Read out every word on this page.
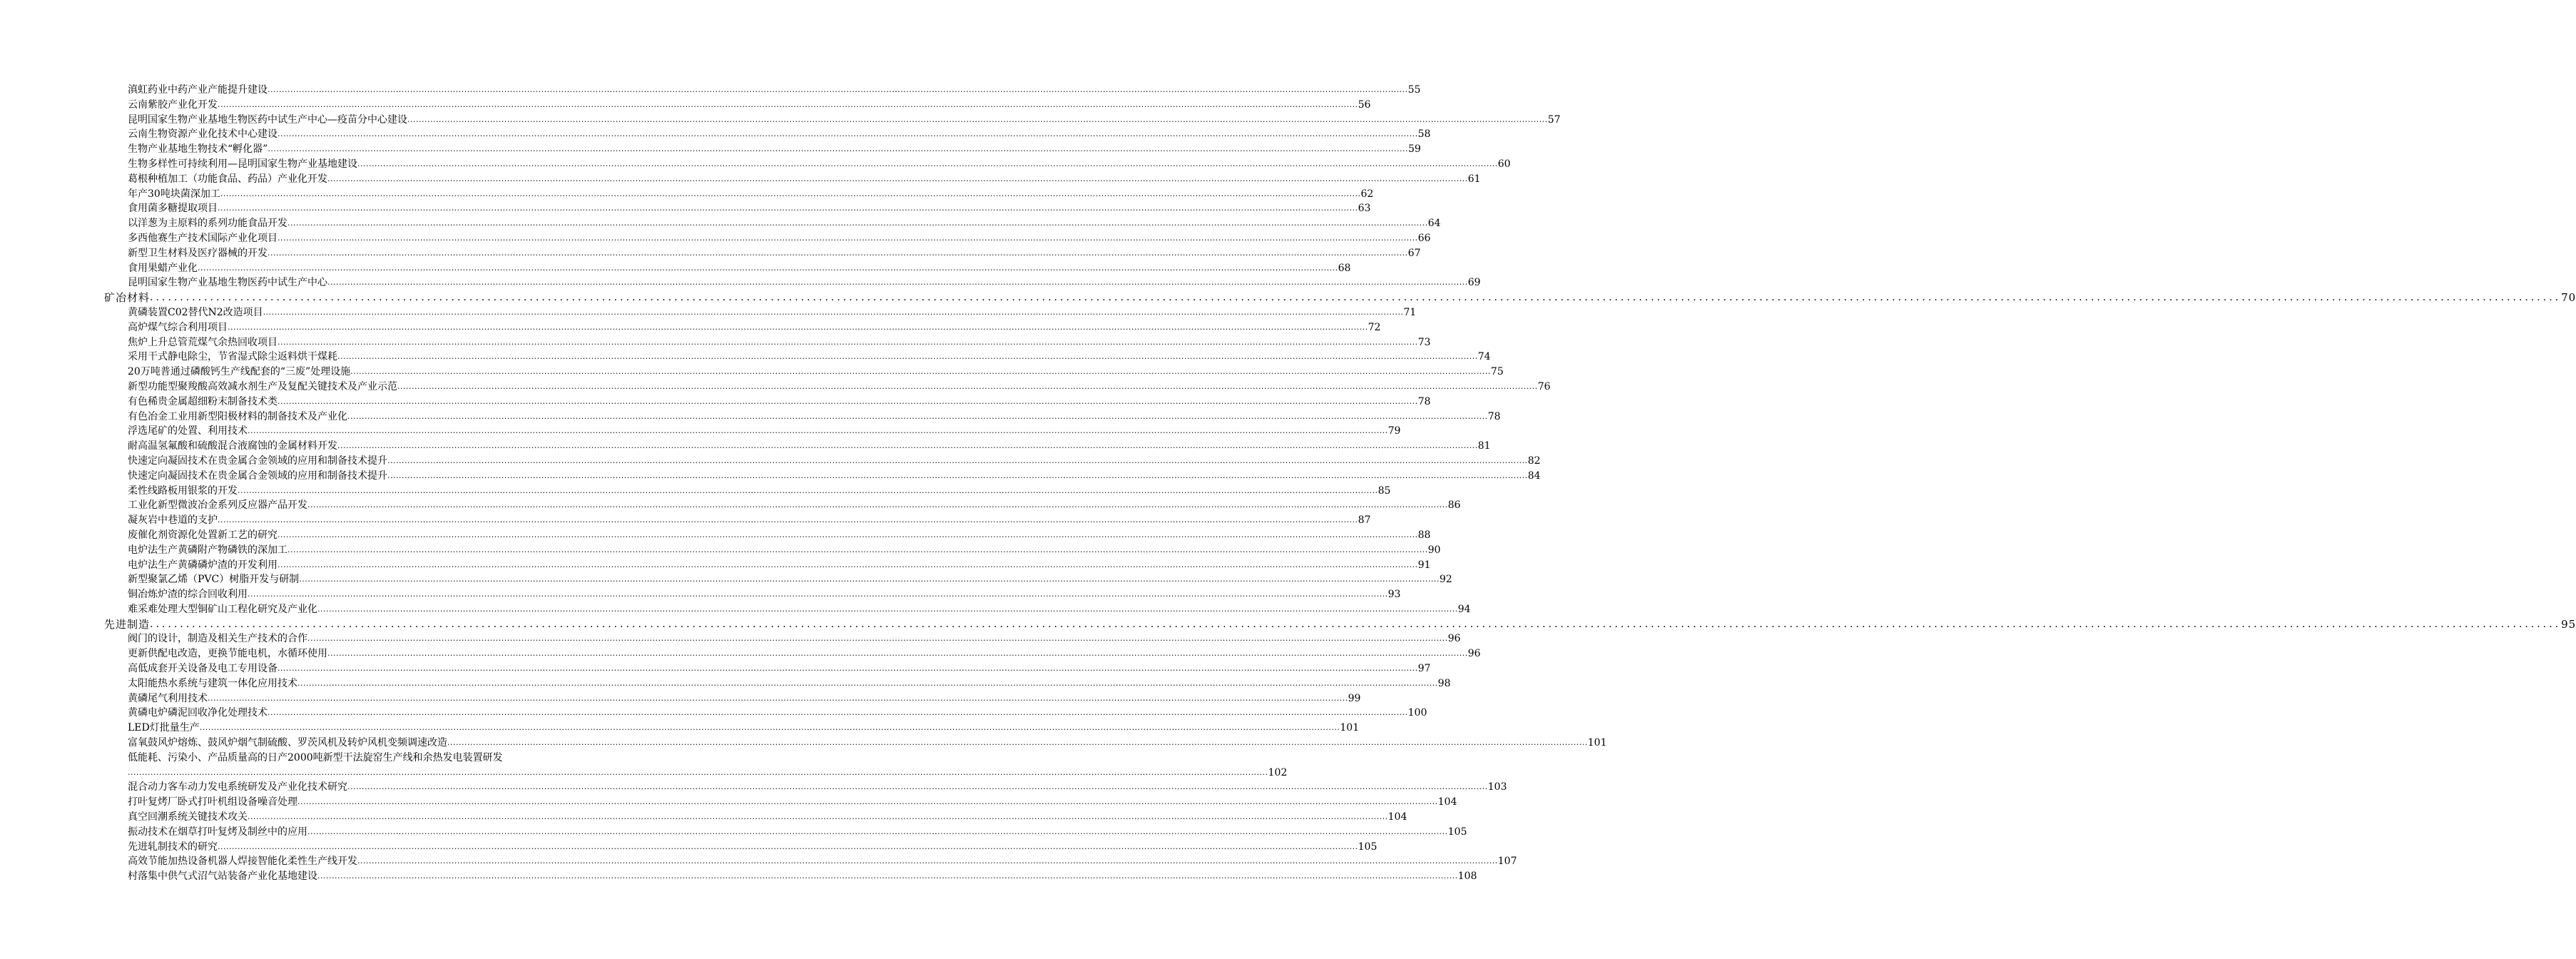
滇虹药业中药产业产能提升建设 ................................................................................................................................................................................................................................................................................................................................................................................................................ 55
云南紫胶产业化开发 ................................................................................................................................................................................................................................................................................................................................................................................................................ 56
昆明国家生物产业基地生物医药中试生产中心—疫苗分中心建设 ................................................................................................................................................................................................................................................................................................................................................................................................................ 57
云南生物资源产业化技术中心建设 ................................................................................................................................................................................................................................................................................................................................................................................................................ 58
生物产业基地生物技术“孵化器” ................................................................................................................................................................................................................................................................................................................................................................................................................ 59
生物多样性可持续利用—昆明国家生物产业基地建设 ................................................................................................................................................................................................................................................................................................................................................................................................................ 60
葛根种植加工（功能食品、药品）产业化开发 ................................................................................................................................................................................................................................................................................................................................................................................................................ 61
年产30吨块菌深加工 ................................................................................................................................................................................................................................................................................................................................................................................................................ 62
食用菌多糖提取项目 ................................................................................................................................................................................................................................................................................................................................................................................................................ 63
以洋葱为主原料的系列功能食品开发 ................................................................................................................................................................................................................................................................................................................................................................................................................ 64
多西他赛生产技术国际产业化项目 ................................................................................................................................................................................................................................................................................................................................................................................................................ 66
新型卫生材料及医疗器械的开发 ................................................................................................................................................................................................................................................................................................................................................................................................................ 67
食用果蜡产业化 ................................................................................................................................................................................................................................................................................................................................................................................................................ 68
昆明国家生物产业基地生物医药中试生产中心 ................................................................................................................................................................................................................................................................................................................................................................................................................ 69
矿冶材料 ................................................................................................................................................................................................................................................................................................................................................................................................................ 70
黄磷装置C02替代N2改造项目 ................................................................................................................................................................................................................................................................................................................................................................................................................ 71
高炉煤气综合利用项目 ................................................................................................................................................................................................................................................................................................................................................................................................................ 72
焦炉上升总管荒煤气余热回收项目 ................................................................................................................................................................................................................................................................................................................................................................................................................ 73
采用干式静电除尘，节省湿式除尘返料烘干煤耗 ................................................................................................................................................................................................................................................................................................................................................................................................................ 74
20万吨普通过磷酸钙生产线配套的“三废”处理设施 ................................................................................................................................................................................................................................................................................................................................................................................................................ 75
新型功能型聚羧酸高效减水剂生产及复配关键技术及产业示范 ................................................................................................................................................................................................................................................................................................................................................................................................................ 76
有色稀贵金属超细粉末制备技术类 ................................................................................................................................................................................................................................................................................................................................................................................................................ 78
有色冶金工业用新型阳极材料的制备技术及产业化 ................................................................................................................................................................................................................................................................................................................................................................................................................ 78
浮选尾矿的处置、利用技术 ................................................................................................................................................................................................................................................................................................................................................................................................................ 79
耐高温氢氟酸和硫酸混合液腐蚀的金属材料开发 ................................................................................................................................................................................................................................................................................................................................................................................................................ 81
快速定向凝固技术在贵金属合金领域的应用和制备技术提升 ................................................................................................................................................................................................................................................................................................................................................................................................................ 82
快速定向凝固技术在贵金属合金领域的应用和制备技术提升 ................................................................................................................................................................................................................................................................................................................................................................................................................ 84
柔性线路板用银浆的开发 ................................................................................................................................................................................................................................................................................................................................................................................................................ 85
工业化新型微波冶金系列反应器产品开发 ................................................................................................................................................................................................................................................................................................................................................................................................................ 86
凝灰岩中巷道的支护 ................................................................................................................................................................................................................................................................................................................................................................................................................ 87
废催化剂资源化处置新工艺的研究 ................................................................................................................................................................................................................................................................................................................................................................................................................ 88
电炉法生产黄磷附产物磷铁的深加工 ................................................................................................................................................................................................................................................................................................................................................................................................................ 90
电炉法生产黄磷磷炉渣的开发利用 ................................................................................................................................................................................................................................................................................................................................................................................................................ 91
新型聚氯乙烯（PVC）树脂开发与研制 ................................................................................................................................................................................................................................................................................................................................................................................................................ 92
铜冶炼炉渣的综合回收利用 ................................................................................................................................................................................................................................................................................................................................................................................................................ 93
难采难处理大型铜矿山工程化研究及产业化 ................................................................................................................................................................................................................................................................................................................................................................................................................ 94
先进制造 ................................................................................................................................................................................................................................................................................................................................................................................................................ 95
阀门的设计，制造及相关生产技术的合作 ................................................................................................................................................................................................................................................................................................................................................................................................................ 96
更新供配电改造，更换节能电机，水循环使用 ................................................................................................................................................................................................................................................................................................................................................................................................................ 96
高低成套开关设备及电工专用设备 ................................................................................................................................................................................................................................................................................................................................................................................................................ 97
太阳能热水系统与建筑一体化应用技术 ................................................................................................................................................................................................................................................................................................................................................................................................................ 98
黄磷尾气利用技术 ................................................................................................................................................................................................................................................................................................................................................................................................................ 99
黄磷电炉磷泥回收净化处理技术 ................................................................................................................................................................................................................................................................................................................................................................................................................ 100
LED灯批量生产 ................................................................................................................................................................................................................................................................................................................................................................................................................ 101
富氧鼓风炉熔炼、鼓风炉烟气制硫酸、罗茨风机及转炉风机变频调速改造 ................................................................................................................................................................................................................................................................................................................................................................................................................ 101
低能耗、污染小、产品质量高的日产2000吨新型干法旋窑生产线和余热发电装置研发
................................................................................................................................................................................................................................................................................................................................................................................................................ 102
混合动力客车动力发电系统研发及产业化技术研究 ................................................................................................................................................................................................................................................................................................................................................................................................................ 103
打叶复烤厂卧式打叶机组设备噪音处理 ................................................................................................................................................................................................................................................................................................................................................................................................................ 104
真空回潮系统关键技术攻关 ................................................................................................................................................................................................................................................................................................................................................................................................................ 104
振动技术在烟草打叶复烤及制丝中的应用 ................................................................................................................................................................................................................................................................................................................................................................................................................ 105
先进轧制技术的研究 ................................................................................................................................................................................................................................................................................................................................................................................................................ 105
高效节能加热设备机器人焊接智能化柔性生产线开发 ................................................................................................................................................................................................................................................................................................................................................................................................................ 107
村落集中供气式沼气站装备产业化基地建设 ................................................................................................................................................................................................................................................................................................................................................................................................................ 108
